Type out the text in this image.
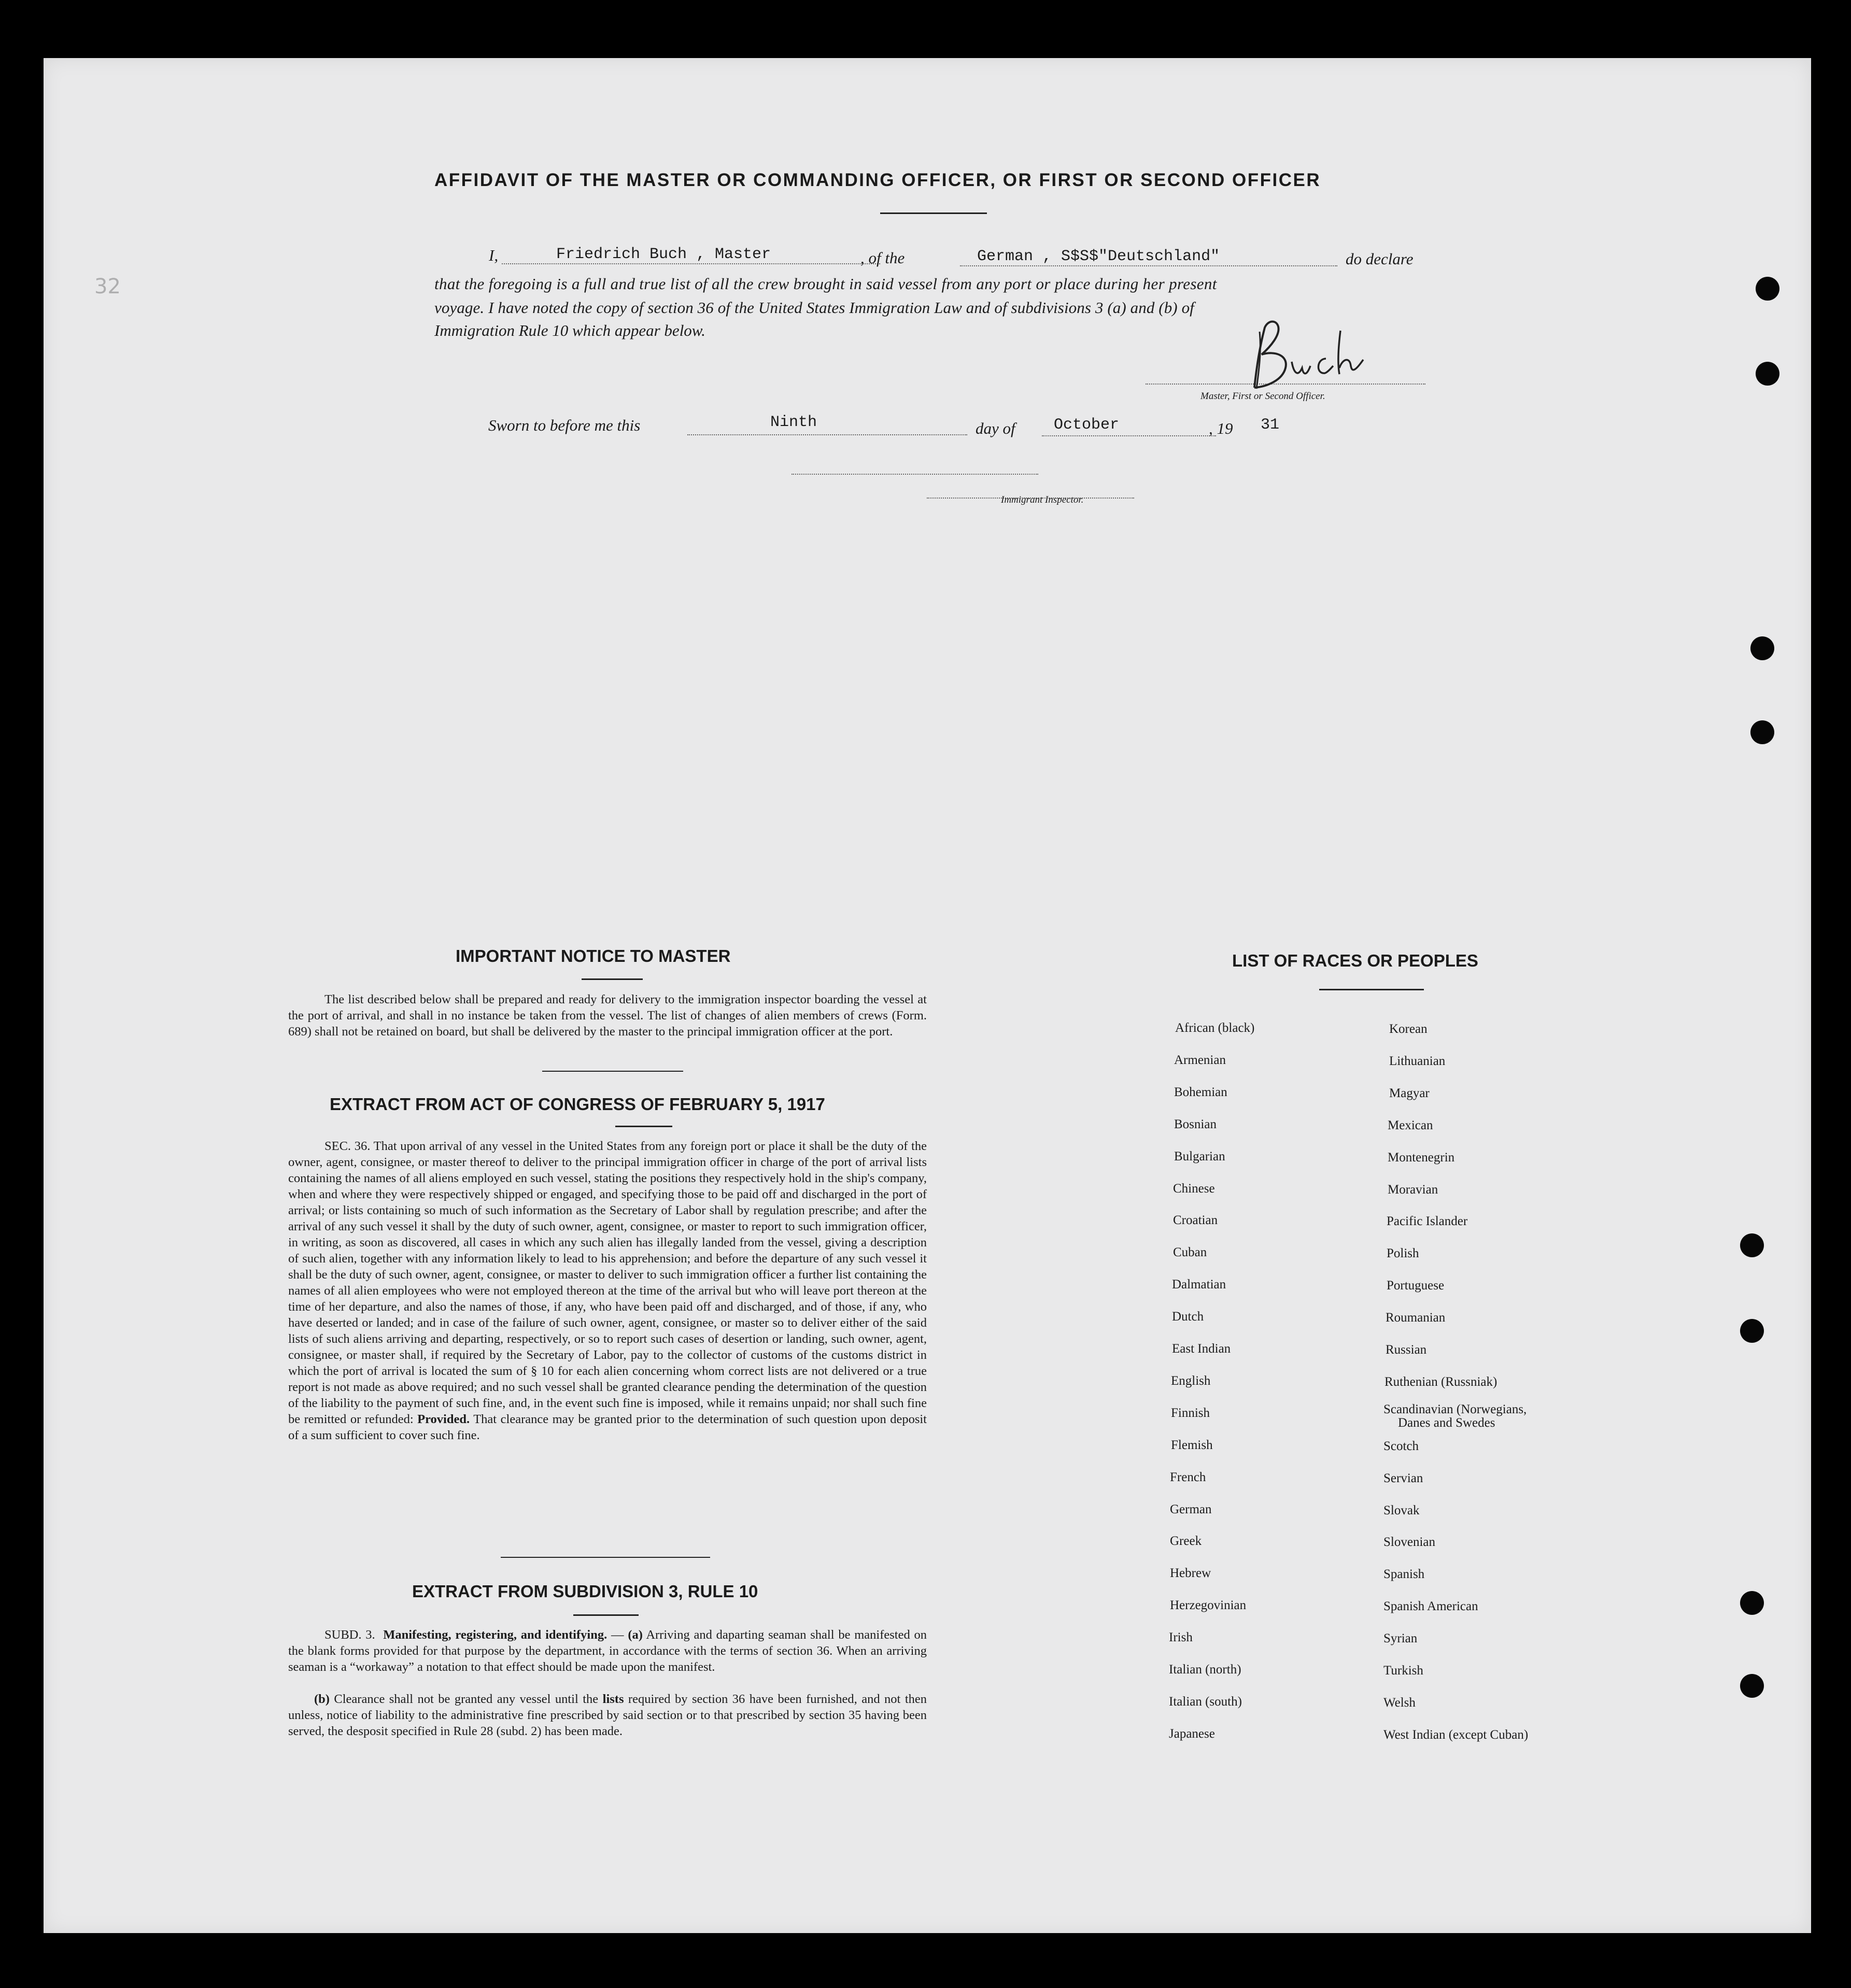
32
AFFIDAVIT OF THE MASTER OR COMMANDING OFFICER, OR FIRST OR SECOND OFFICER
I,	Friedrich Buch , Master	, of the	German , S$S$"Deutschland"	do declare
that the foregoing is a full and true list of all the crew brought in said vessel from any port or place during her present
voyage. I have noted the copy of section 36 of the United States Immigration Law and of subdivisions 3 (a) and (b) of
Immigration Rule 10 which appear below.
Master, First or Second Officer.
Sworn to before me this	Ninth	day of October	, 19 31
Immigrant Inspector.
IMPORTANT NOTICE TO MASTER

The list described below shall be prepared and ready for delivery to the immigration inspector boarding the vessel at the port of arrival, and shall in no instance be taken from the vessel. The list of changes of alien members of crews (Form. 689) shall not be retained on board, but shall be delivered by the master to the principal immigration officer at the port.

EXTRACT FROM ACT OF CONGRESS OF FEBRUARY 5, 1917

SEC. 36. That upon arrival of any vessel in the United States from any foreign port or place it shall be the duty of the owner, agent, consignee, or master thereof to deliver to the principal immigration officer in charge of the port of arrival lists containing the names of all aliens employed en such vessel, stating the positions they respectively hold in the ship's company, when and where they were respectively shipped or engaged, and specifying those to be paid off and discharged in the port of arrival; or lists containing so much of such information as the Secretary of Labor shall by regulation prescribe; and after the arrival of any such vessel it shall by the duty of such owner, agent, consignee, or master to report to such immigration officer, in writing, as soon as discovered, all cases in which any such alien has illegally landed from the vessel, giving a description of such alien, together with any information likely to lead to his apprehension; and before the departure of any such vessel it shall be the duty of such owner, agent, consignee, or master to deliver to such immigration officer a further list containing the names of all alien employees who were not employed thereon at the time of the arrival but who will leave port thereon at the time of her departure, and also the names of those, if any, who have been paid off and discharged, and of those, if any, who have deserted or landed; and in case of the failure of such owner, agent, consignee, or master so to deliver either of the said lists of such aliens arriving and departing, respectively, or so to report such cases of desertion or landing, such owner, agent, consignee, or master shall, if required by the Secretary of Labor, pay to the collector of customs of the customs district in which the port of arrival is located the sum of § 10 for each alien concerning whom correct lists are not delivered or a true report is not made as above required; and no such vessel shall be granted clearance pending the determination of the question of the liability to the payment of such fine, and, in the event such fine is imposed, while it remains unpaid; nor shall such fine be remitted or refunded: Provided. That clearance may be granted prior to the determination of such question upon deposit of a sum sufficient to cover such fine.

EXTRACT FROM SUBDIVISION 3, RULE 10

SUBD. 3. Manifesting, registering, and identifying. — (a) Arriving and daparting seaman shall be manifested on the blank forms provided for that purpose by the department, in accordance with the terms of section 36. When an arriving seaman is a “workaway” a notation to that effect should be made upon the manifest.

(b) Clearance shall not be granted any vessel until the lists required by section 36 have been furnished, and not then unless, notice of liability to the administrative fine prescribed by said section or to that prescribed by section 35 having been served, the desposit specified in Rule 28 (subd. 2) has been made.

LIST OF RACES OR PEOPLES
African (black)
Armenian
Bohemian
Bosnian
Bulgarian
Chinese
Croatian
Cuban
Dalmatian
Dutch
East Indian
English
Finnish
Flemish
French
German
Greek
Hebrew
Herzegovinian
Irish
Italian (north)
Italian (south)
Japanese
Korean
Lithuanian
Magyar
Mexican
Montenegrin
Moravian
Pacific Islander
Polish
Portuguese
Roumanian
Russian
Ruthenian (Russniak)
Scandinavian (Norwegians,
Danes and Swedes
Scotch
Servian
Slovak
Slovenian
Spanish
Spanish American
Syrian
Turkish
Welsh
West Indian (except Cuban)
